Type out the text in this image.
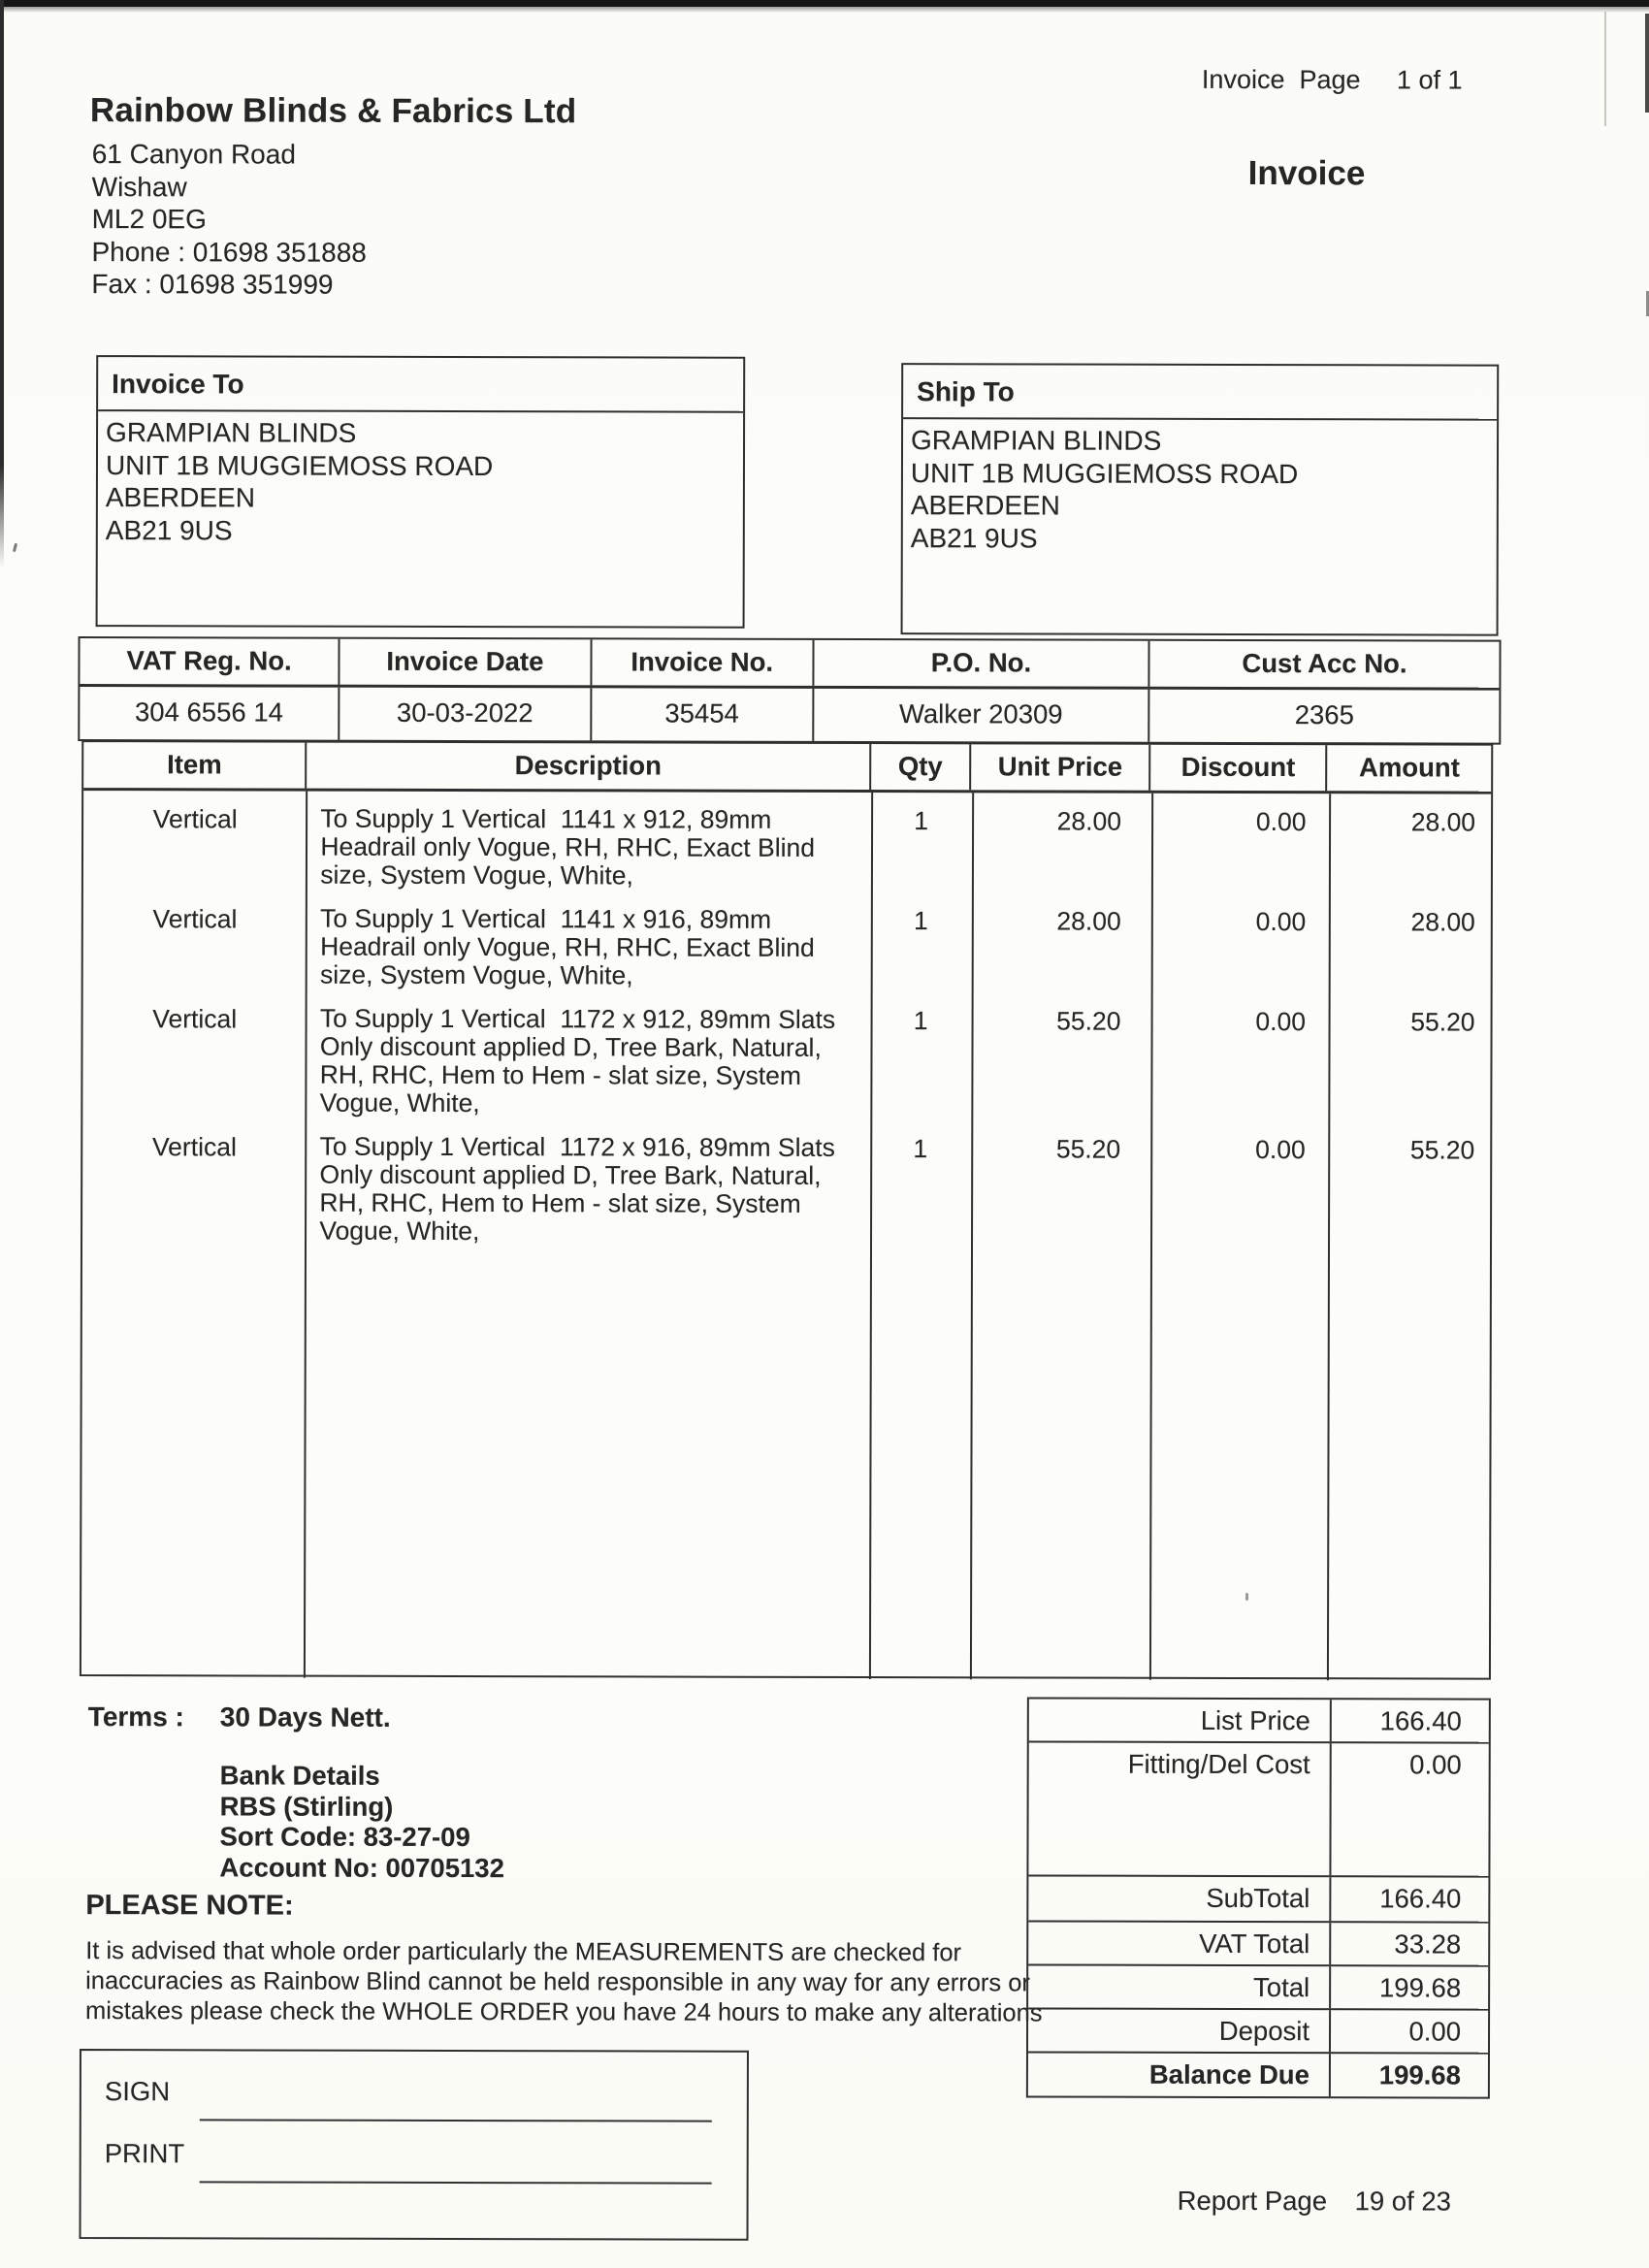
Rainbow Blinds & Fabrics Ltd
61 Canyon Road
Wishaw
ML2 0EG
Phone : 01698 351888
Fax : 01698 351999
Invoice  Page 1 of 1
Invoice
Invoice To
GRAMPIAN BLINDS
UNIT 1B MUGGIEMOSS ROAD
ABERDEEN
AB21 9US
Ship To
GRAMPIAN BLINDS
UNIT 1B MUGGIEMOSS ROAD
ABERDEEN
AB21 9US
VAT Reg. No.	Invoice Date	Invoice No.	P.O. No.	Cust Acc No.
304 6556 14	30-03-2022	35454	Walker 20309	2365
Item	Description	Qty	Unit Price	Discount	Amount
Vertical	To Supply 1 Vertical  1141 x 912, 89mm
Headrail only Vogue, RH, RHC, Exact Blind
size, System Vogue, White,
1	28.00	0.00	28.00
Vertical	To Supply 1 Vertical  1141 x 916, 89mm
Headrail only Vogue, RH, RHC, Exact Blind
size, System Vogue, White,
1	28.00	0.00	28.00
Vertical	To Supply 1 Vertical  1172 x 912, 89mm Slats
Only discount applied D, Tree Bark, Natural,
RH, RHC, Hem to Hem - slat size, System
Vogue, White,
1	55.20	0.00	55.20
Vertical	To Supply 1 Vertical  1172 x 916, 89mm Slats
Only discount applied D, Tree Bark, Natural,
RH, RHC, Hem to Hem - slat size, System
Vogue, White,
1	55.20	0.00	55.20
Terms : 30 Days Nett.
Bank Details
RBS (Stirling)
Sort Code: 83-27-09
Account No: 00705132
PLEASE NOTE:
It is advised that whole order particularly the MEASUREMENTS are checked for
inaccuracies as Rainbow Blind cannot be held responsible in any way for any errors or
mistakes please check the WHOLE ORDER you have 24 hours to make any alterations
List Price	166.40
Fitting/Del Cost	0.00
SubTotal	166.40
VAT Total	33.28
Total	199.68
Deposit	0.00
Balance Due	199.68
SIGN
PRINT
Report Page 19 of 23
